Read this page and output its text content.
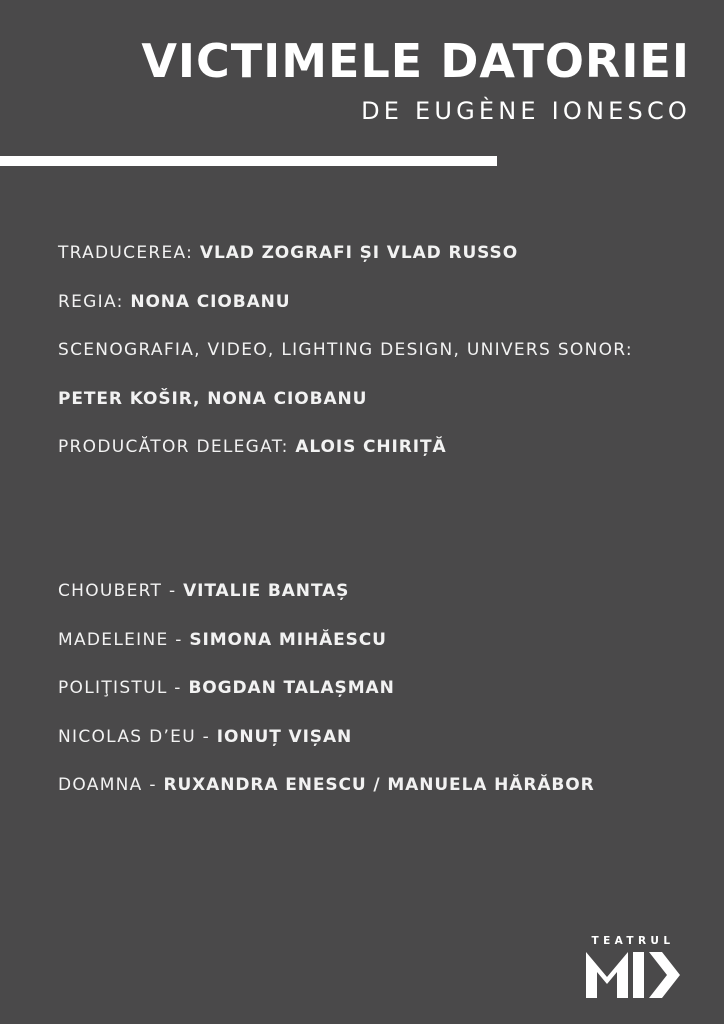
VICTIMELE DATORIEI
DE EUGÈNE IONESCO
TRADUCEREA: VLAD ZOGRAFI ȘI VLAD RUSSO
REGIA: NONA CIOBANU
SCENOGRAFIA, VIDEO, LIGHTING DESIGN, UNIVERS SONOR:
PETER KOŠIR, NONA CIOBANU
PRODUCĂTOR DELEGAT: ALOIS CHIRIȚĂ
CHOUBERT - VITALIE BANTAȘ
MADELEINE - SIMONA MIHĂESCU
POLIŢISTUL - BOGDAN TALAȘMAN
NICOLAS D’EU - IONUȚ VIȘAN
DOAMNA - RUXANDRA ENESCU / MANUELA HĂRĂBOR
TEATRUL
